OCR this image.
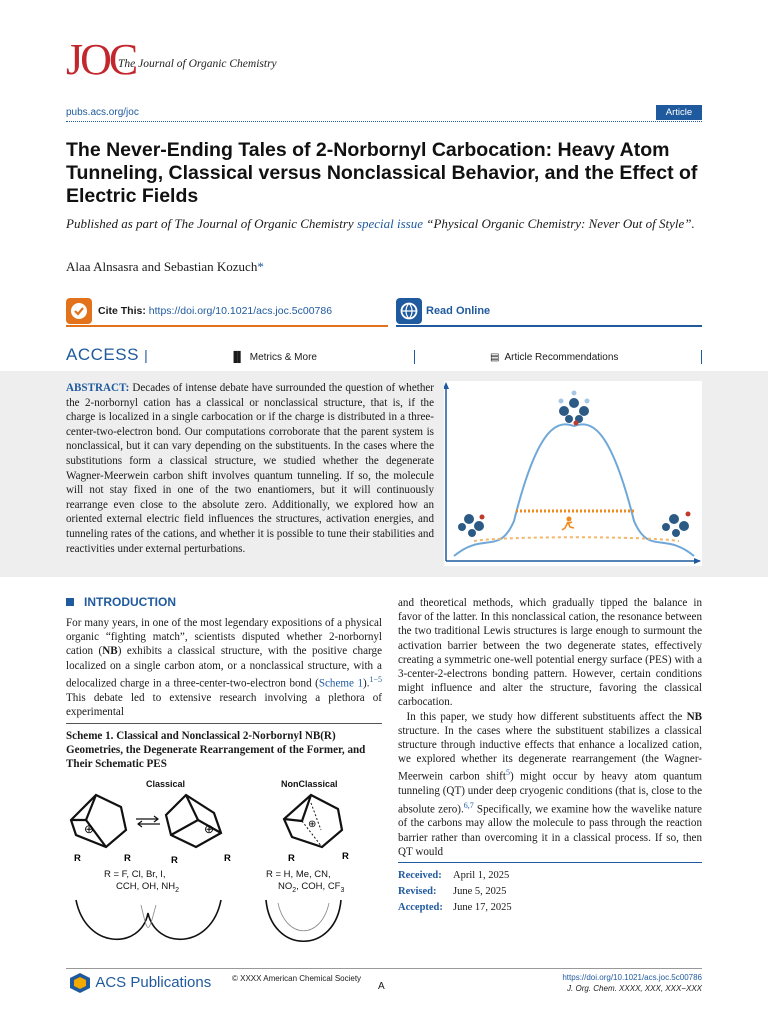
JOC
The Journal of Organic Chemistry
pubs.acs.org/joc	Article
The Never-Ending Tales of 2-Norbornyl Carbocation: Heavy Atom Tunneling, Classical versus Nonclassical Behavior, and the Effect of Electric Fields
Published as part of The Journal of Organic Chemistry special issue “Physical Organic Chemistry: Never Out of Style”.
Alaa Alnsasra and Sebastian Kozuch*
Cite This: https://doi.org/10.1021/acs.joc.5c00786	Read Online
ACCESS |	▐▌ Metrics & More	▤ Article Recommendations
ABSTRACT: Decades of intense debate have surrounded the question of whether the 2-norbornyl cation has a classical or nonclassical structure, that is, if the charge is localized in a single carbocation or if the charge is distributed in a three-center-two-electron bond. Our computations corroborate that the parent system is nonclassical, but it can vary depending on the substituents. In the cases where the substitutions form a classical structure, we studied whether the degenerate Wagner-Meerwein carbon shift involves quantum tunneling. If so, the molecule will not stay fixed in one of the two enantiomers, but it will continuously rearrange even close to the absolute zero. Additionally, we explored how an oriented external electric field influences the structures, activation energies, and tunneling rates of the cations, and whether it is possible to tune their stabilities and reactivities under external perturbations.
INTRODUCTION
For many years, in one of the most legendary expositions of a physical organic “fighting match”, scientists disputed whether 2-norbornyl cation (NB) exhibits a classical structure, with the positive charge localized on a single carbon atom, or a nonclassical structure, with a delocalized charge in a three-center-two-electron bond (Scheme 1).$^{1-5}$ This debate led to extensive research involving a plethora of experimental
Scheme 1. Classical and Nonclassical 2-Norbornyl NB(R) Geometries, the Degenerate Rearrangement of the Former, and Their Schematic PES
Classical	NonClassical
⊕	⊕
R	R	R	R	R	R
⊕
R = F, Cl, Br, I,
CCH, OH, $NH_2$
R = H, Me, CN,
$NO_2$, COH, $CF_3$
and theoretical methods, which gradually tipped the balance in favor of the latter. In this nonclassical cation, the resonance between the two traditional Lewis structures is large enough to surmount the activation barrier between the two degenerate states, effectively creating a symmetric one-well potential energy surface (PES) with a 3-center-2-electrons bonding pattern. However, certain conditions might influence and alter the structure, favoring the classical carbocation.
In this paper, we study how different substituents affect the NB structure. In the cases where the substituent stabilizes a classical structure through inductive effects that enhance a localized cation, we explored whether its degenerate rearrangement (the Wagner-Meerwein carbon shift$^5$) might occur by heavy atom quantum tunneling (QT) under deep cryogenic conditions (that is, close to the absolute zero).$^{6,7}$ Specifically, we examine how the wavelike nature of the carbons may allow the molecule to pass through the reaction barrier rather than overcoming it in a classical process. If so, then QT would
Received: April 1, 2025
Revised: June 5, 2025
Accepted: June 17, 2025
ACS Publications	© XXXX American Chemical Society
A
https://doi.org/10.1021/acs.joc.5c00786
J. Org. Chem. XXXX, XXX, XXX−XXX
